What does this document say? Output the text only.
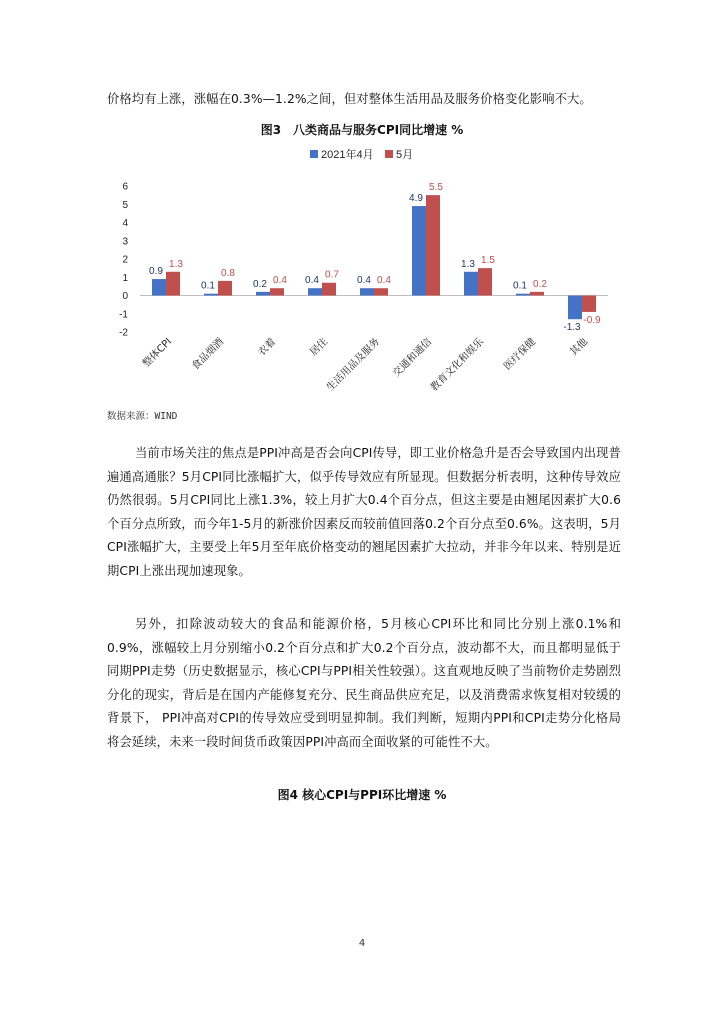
价格均有上涨，涨幅在0.3%—1.2%之间，但对整体生活用品及服务价格变化影响不大。

图3　八类商品与服务CPI同比增速 %

2021年4月 5月
-2
-1
0
1
2
3
4
5
6
0.9
1.3
0.1
0.8
0.2 0.4 0.4 0.7 0.4 0.4
4.9
5.5
1.3 1.5
0.1 0.2
-1.3
-0.9
整体CPI 食品烟酒	衣着	居住
生活用品及服务 交通和通信
教育文化和娱乐 医疗保健	其他

数据来源：WIND

当前市场关注的焦点是PPI冲高是否会向CPI传导，即工业价格急升是否会导致国内出现普遍通高通胀？5月CPI同比涨幅扩大，似乎传导效应有所显现。但数据分析表明，这种传导效应仍然很弱。5月CPI同比上涨1.3%，较上月扩大0.4个百分点，但这主要是由翘尾因素扩大0.6个百分点所致，而今年1-5月的新涨价因素反而较前值回落0.2个百分点至0.6%。这表明，5月CPI涨幅扩大，主要受上年5月至年底价格变动的翘尾因素扩大拉动，并非今年以来、特别是近期CPI上涨出现加速现象。

另外，扣除波动较大的食品和能源价格，5月核心CPI环比和同比分别上涨0.1%和0.9%，涨幅较上月分别缩小0.2个百分点和扩大0.2个百分点，波动都不大，而且都明显低于同期PPI走势（历史数据显示，核心CPI与PPI相关性较强）。这直观地反映了当前物价走势剧烈分化的现实，背后是在国内产能修复充分、民生商品供应充足，以及消费需求恢复相对较缓的背景下， PPI冲高对CPI的传导效应受到明显抑制。我们判断，短期内PPI和CPI走势分化格局将会延续，未来一段时间货币政策因PPI冲高而全面收紧的可能性不大。

图4 核心CPI与PPI环比增速 %

4
